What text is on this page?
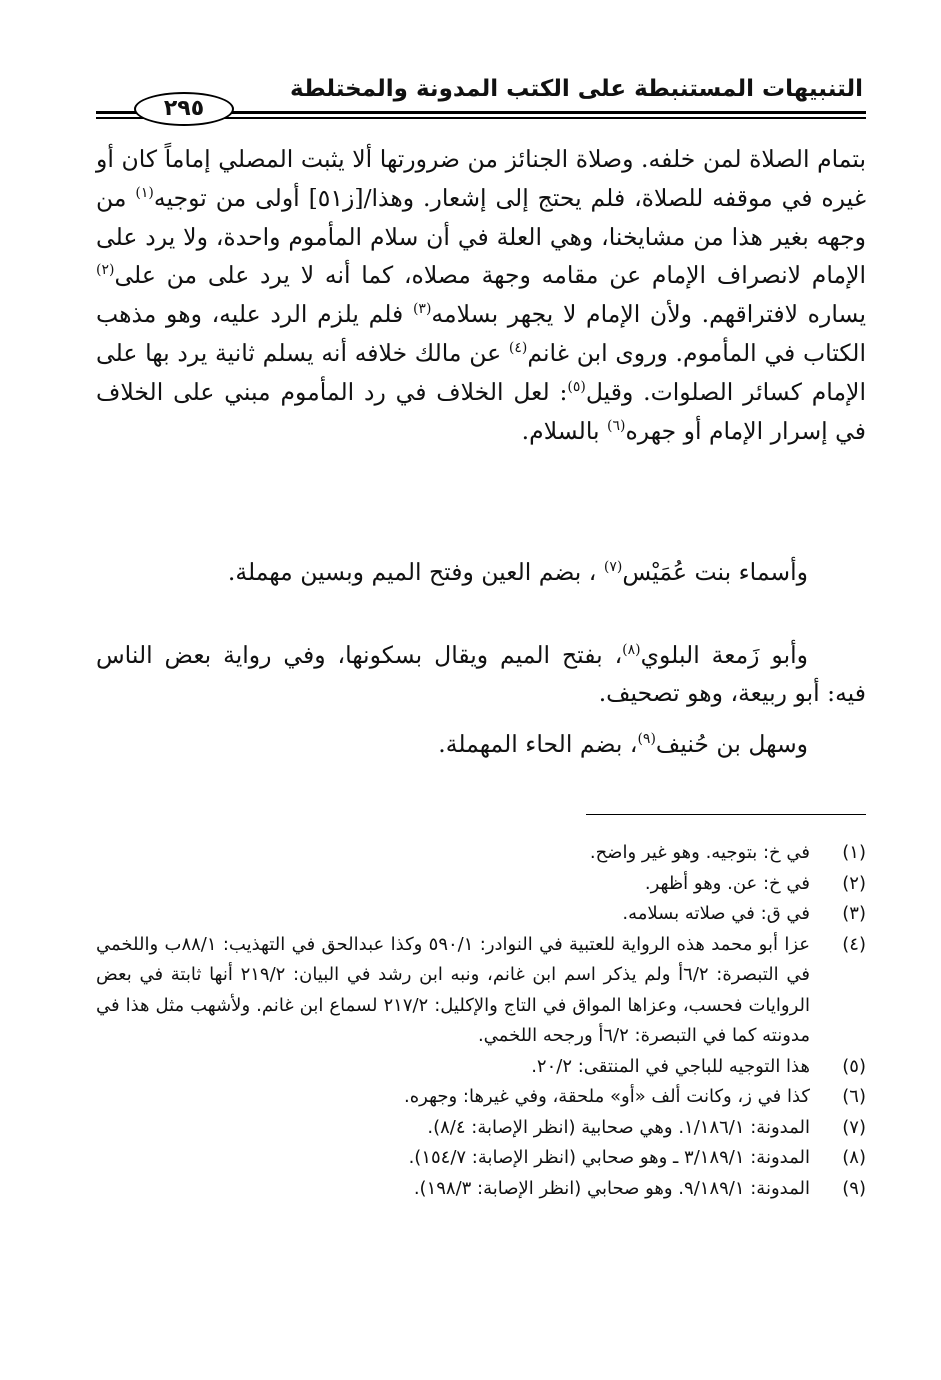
التنبيهات المستنبطة على الكتب المدونة والمختلطة
٢٩٥

بتمام الصلاة لمن خلفه. وصلاة الجنائز من ضرورتها ألا يثبت المصلي إماماً كان أو غيره في موقفه للصلاة، فلم يحتج إلى إشعار. وهذا/[ز٥١] أولى من توجيه$^{(١)}$ من وجهه بغير هذا من مشايخنا، وهي العلة في أن سلام المأموم واحدة، ولا يرد على الإمام لانصراف الإمام عن مقامه وجهة مصلاه، كما أنه لا يرد على من على$^{(٢)}$ يساره لافتراقهم. ولأن الإمام لا يجهر بسلامه$^{(٣)}$ فلم يلزم الرد عليه، وهو مذهب الكتاب في المأموم. وروى ابن غانم$^{(٤)}$ عن مالك خلافه أنه يسلم ثانية يرد بها على الإمام كسائر الصلوات. وقيل$^{(٥)}$: لعل الخلاف في رد المأموم مبني على الخلاف في إسرار الإمام أو جهره$^{(٦)}$ بالسلام.

وأسماء بنت عُمَيْس$^{(٧)}$ ، بضم العين وفتح الميم وبسين مهملة.

وأبو زَمعة البلوي$^{(٨)}$، بفتح الميم ويقال بسكونها، وفي رواية بعض الناس فيه: أبو ربيعة، وهو تصحيف.

وسهل بن حُنيف$^{(٩)}$، بضم الحاء المهملة.

(١)
في خ: بتوجيه. وهو غير واضح.
(٢)
في خ: عن. وهو أظهر.
(٣)
في ق: في صلاته بسلامه.
(٤)
عزا أبو محمد هذه الرواية للعتبية في النوادر: ٥٩٠/١ وكذا عبدالحق في التهذيب: ٨٨/١ب واللخمي في التبصرة: ٦/٢أ ولم يذكر اسم ابن غانم، ونبه ابن رشد في البيان: ٢١٩/٢ أنها ثابتة في بعض الروايات فحسب، وعزاها المواق في التاج والإكليل: ٢١٧/٢ لسماع ابن غانم. ولأشهب مثل هذا في مدونته كما في التبصرة: ٦/٢أ ورجحه اللخمي.
(٥)
هذا التوجيه للباجي في المنتقى: ٢٠/٢.
(٦)
كذا في ز، وكانت ألف «أو» ملحقة، وفي غيرها: وجهره.
(٧)
المدونة: ١/١٨٦/١. وهي صحابية (انظر الإصابة: ٨/٤).
(٨)
المدونة: ٣/١٨٩/١ ـ وهو صحابي (انظر الإصابة: ١٥٤/٧).
(٩)
المدونة: ٩/١٨٩/١. وهو صحابي (انظر الإصابة: ١٩٨/٣).
